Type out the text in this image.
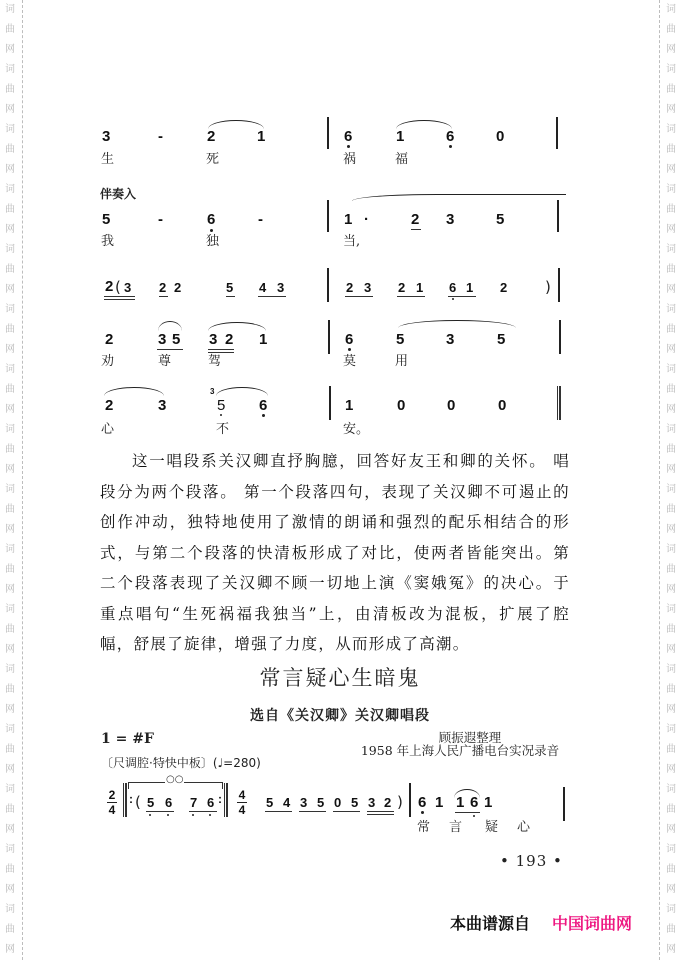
词
曲
网
词
曲
网
词
曲
网
词
曲
网
词
曲
网
词
曲
网
词
曲
网
词
曲
网
词
曲
网
词
曲
网
词
曲
网
词
曲
网
词
曲
网
词
曲
网
词
曲
网
词
曲
网
词
曲
网
词
曲
网
词
曲
网
词
曲
网
词
曲
网
词
曲
网
词
曲
网
词
曲
网
词
曲
网
词
曲
网
词
曲
网
词
曲
网
词
曲
网
词
曲
网
词
曲
网
词
曲
网
3	-	2	1	6	1	6	0
生	死	祸	福
伴奏入
5	-	6	-	1 ·	2 3	5
我	独	当,
2 ( 3 2 2	5 4 3	2 3 2 1 6 1 2	)
2	3 5 3 2 1	6	5	3	5
劝	尊	驾	莫	用
2	3
3
5 6	1	0	0	0
心	不	安。

这一唱段系关汉卿直抒胸臆，回答好友王和卿的关怀。 唱段分为两个段落。 第一个段落四句，表现了关汉卿不可遏止的创作冲动，独特地使用了激情的朗诵和强烈的配乐相结合的形式，与第二个段落的快清板形成了对比，使两者皆能突出。第二个段落表现了关汉卿不顾一切地上演《窦娥冤》的决心。于重点唱句“生死祸福我独当”上，由清板改为混板，扩展了腔幅，舒展了旋律，增强了力度，从而形成了高潮。

常言疑心生暗鬼
选自《关汉卿》关汉卿唱段
1 = #F	顾振遐整理
1958 年上海人民广播电台实况录音
〔尺调腔·特快中板〕(♩=280)
2
4
:
○○
( 5 6 7 6 : 4
4
5 4 3 5 0 5 3 2 ) 6 1 1 6 1
常 言 疑 心
• 193 •
本曲谱源自 中国词曲网
